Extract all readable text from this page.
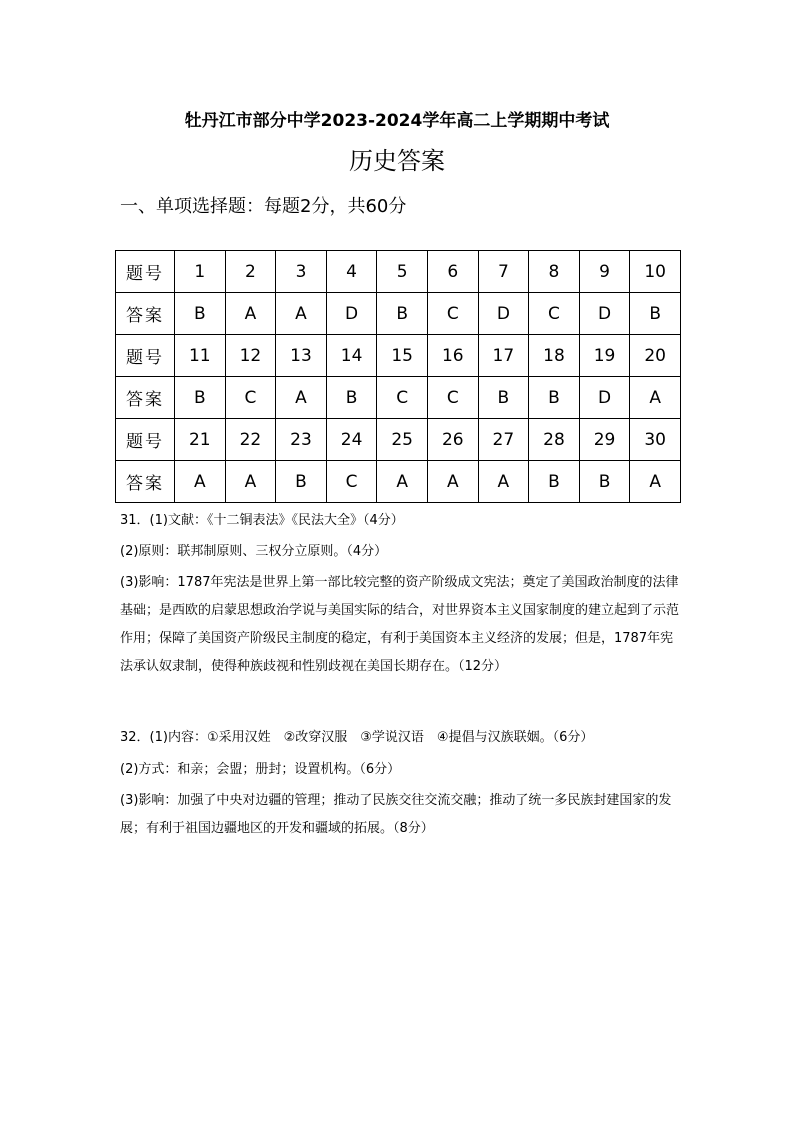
牡丹江市部分中学2023-2024学年高二上学期期中考试
历史答案
一、单项选择题：每题2分，共60分
题号	1	2	3	4	5	6	7	8	9	10
答案	B	A	A	D	B	C	D	C	D	B
题号	11	12	13	14	15	16	17	18	19	20
答案	B	C	A	B	C	C	B	B	D	A
题号	21	22	23	24	25	26	27	28	29	30
答案	A	A	B	C	A	A	A	B	B	A
31．(1)文献：《十二铜表法》《民法大全》（4分）
(2)原则：联邦制原则、三权分立原则。（4分）
(3)影响：1787年宪法是世界上第一部比较完整的资产阶级成文宪法；奠定了美国政治制度的法律基础；是西欧的启蒙思想政治学说与美国实际的结合，对世界资本主义国家制度的建立起到了示范作用；保障了美国资产阶级民主制度的稳定，有利于美国资本主义经济的发展；但是，1787年宪法承认奴隶制，使得种族歧视和性别歧视在美国长期存在。（12分）
32．(1)内容：①采用汉姓　②改穿汉服　③学说汉语　④提倡与汉族联姻。（6分）
(2)方式：和亲；会盟；册封；设置机构。（6分）
(3)影响：加强了中央对边疆的管理；推动了民族交往交流交融；推动了统一多民族封建国家的发展；有利于祖国边疆地区的开发和疆域的拓展。（8分）
